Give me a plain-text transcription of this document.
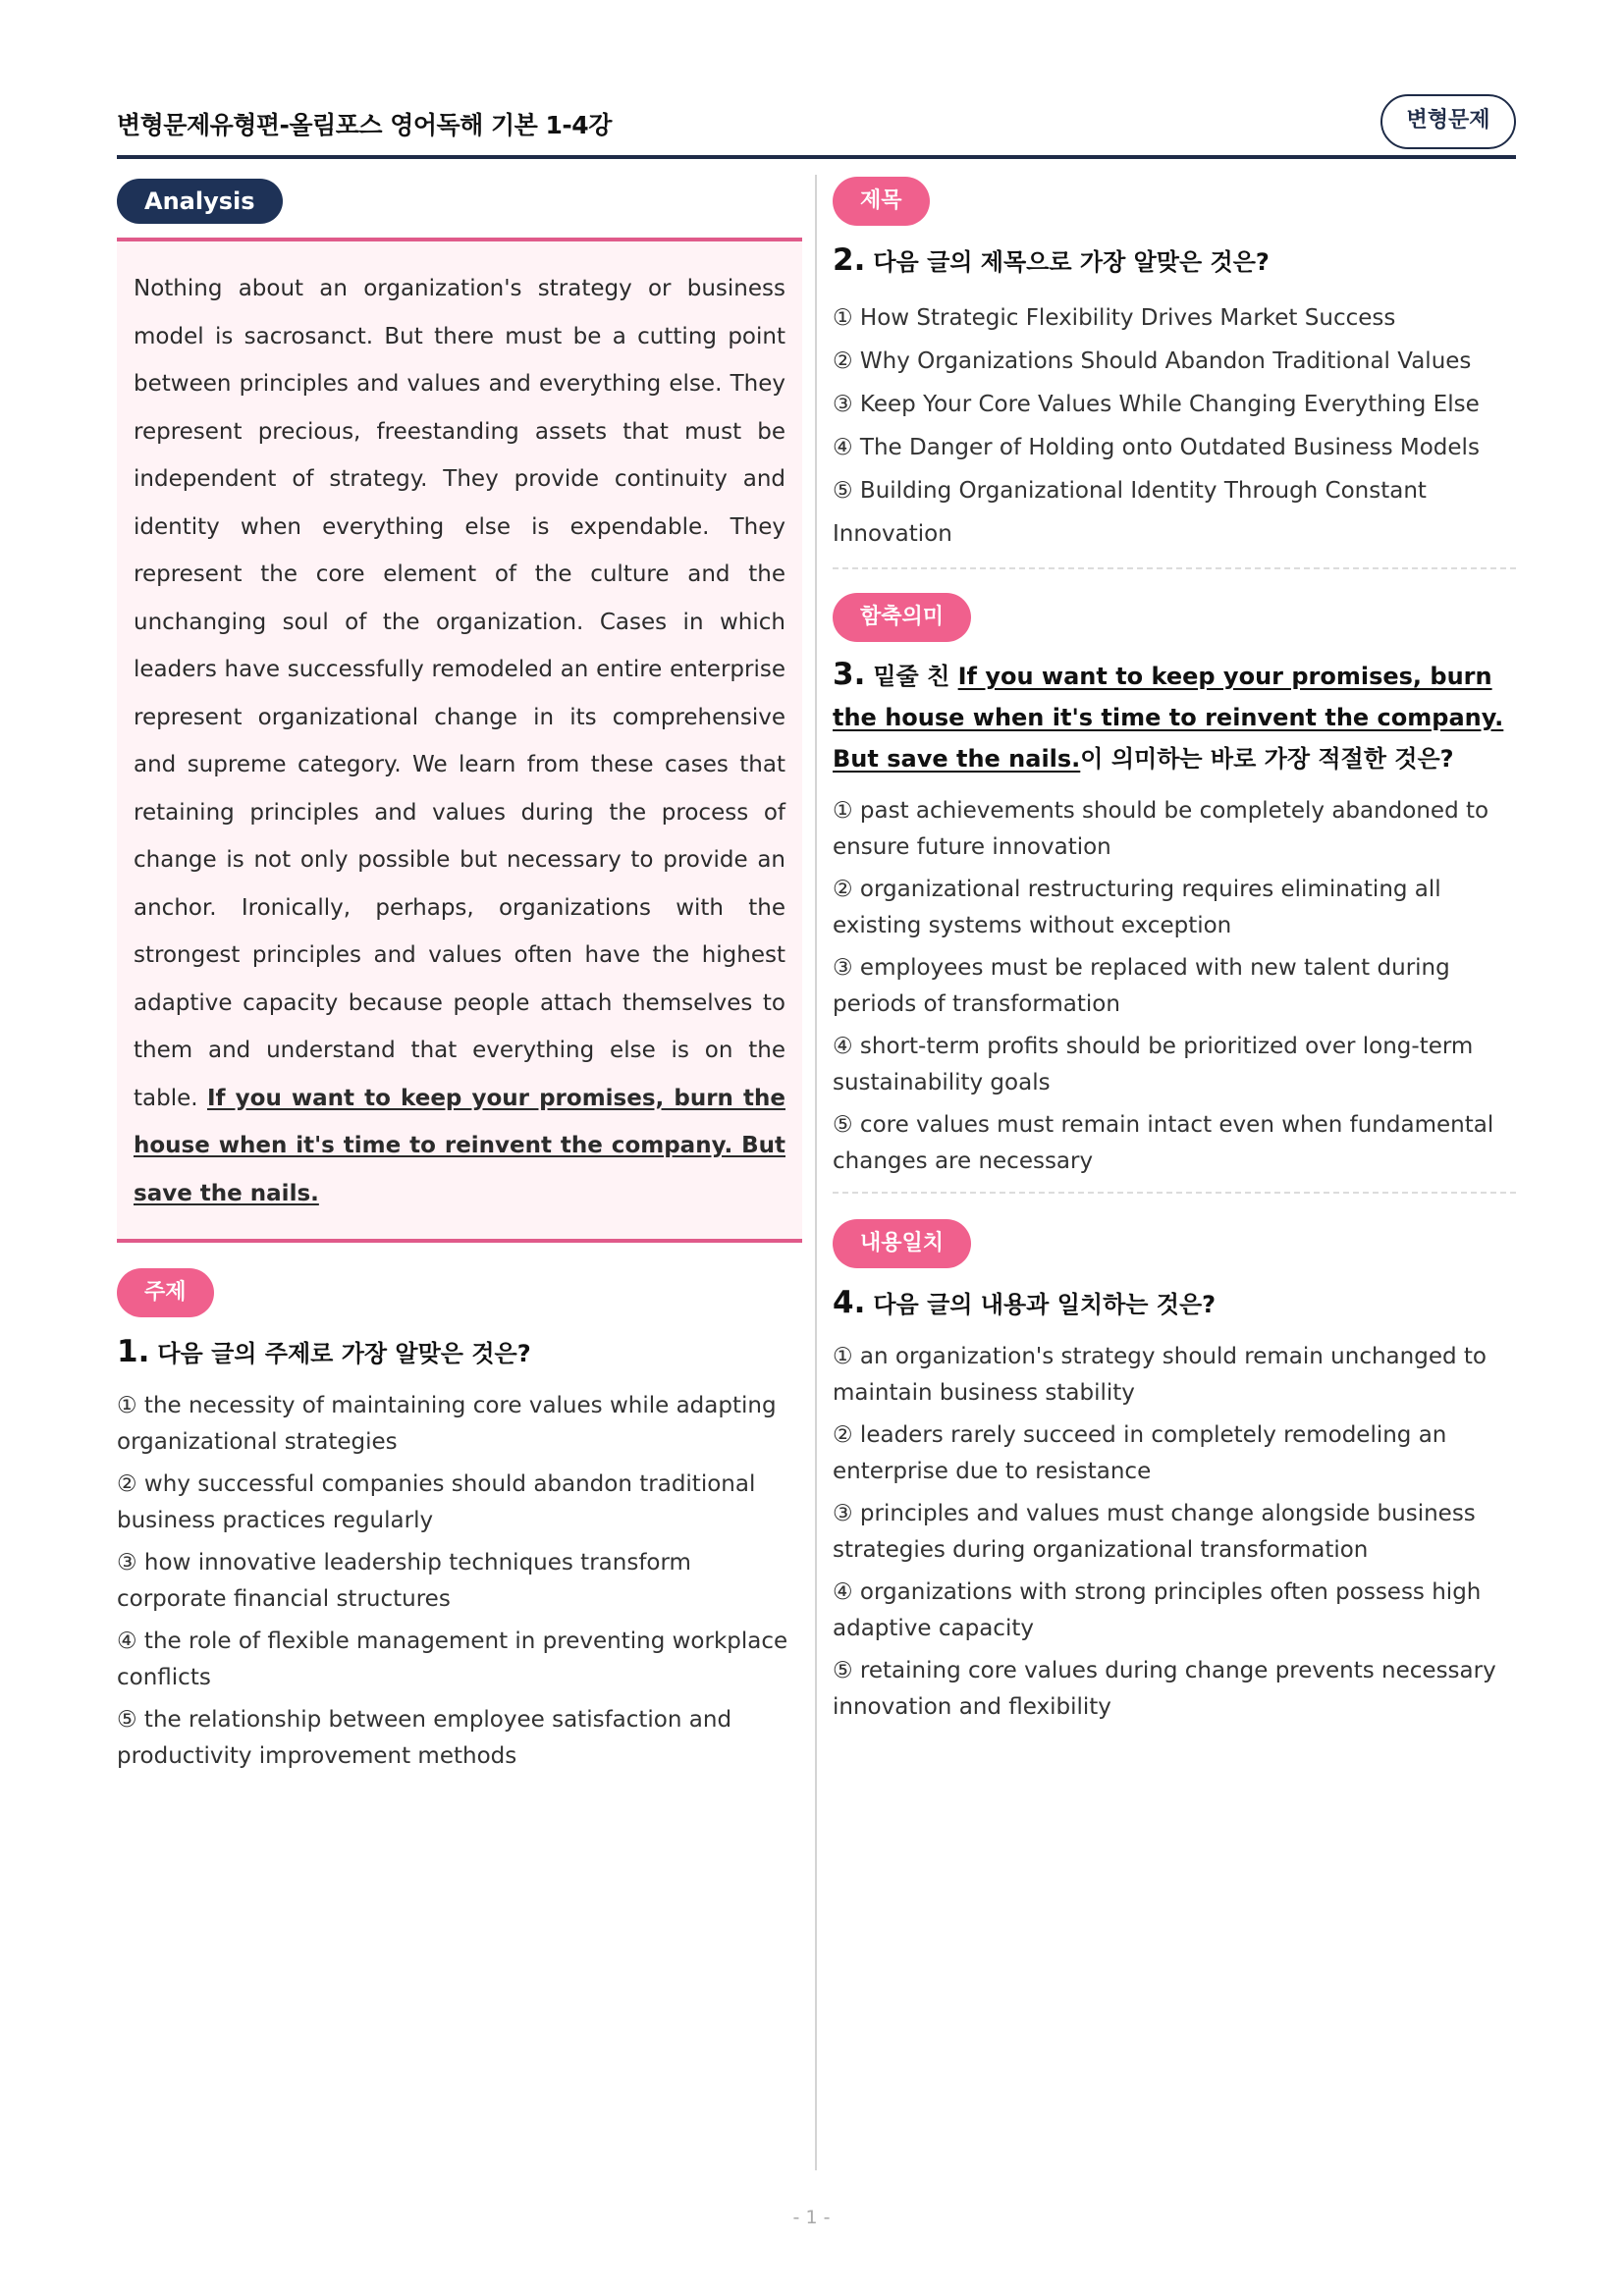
변형문제유형편-올림포스 영어독해 기본 1-4강	변형문제
Analysis
Nothing about an organization's strategy or business model is sacrosanct. But there must be a cutting point between principles and values and everything else. They represent precious, freestanding assets that must be independent of strategy. They provide continuity and identity when everything else is expendable. They represent the core element of the culture and the unchanging soul of the organization. Cases in which leaders have successfully remodeled an entire enterprise represent organizational change in its comprehensive and supreme category. We learn from these cases that retaining principles and values during the process of change is not only possible but necessary to provide an anchor. Ironically, perhaps, organizations with the strongest principles and values often have the highest adaptive capacity because people attach themselves to them and understand that everything else is on the table. If you want to keep your promises, burn the house when it's time to reinvent the company. But save the nails.
주제
1. 다음 글의 주제로 가장 알맞은 것은?
① the necessity of maintaining core values while adapting organizational strategies
② why successful companies should abandon traditional business practices regularly
③ how innovative leadership techniques transform corporate financial structures
④ the role of flexible management in preventing workplace conflicts
⑤ the relationship between employee satisfaction and productivity improvement methods
제목
2. 다음 글의 제목으로 가장 알맞은 것은?
① How Strategic Flexibility Drives Market Success
② Why Organizations Should Abandon Traditional Values
③ Keep Your Core Values While Changing Everything Else
④ The Danger of Holding onto Outdated Business Models
⑤ Building Organizational Identity Through Constant Innovation
함축의미
3. 밑줄 친 If you want to keep your promises, burn the house when it's time to reinvent the company. But save the nails.이 의미하는 바로 가장 적절한 것은?
① past achievements should be completely abandoned to ensure future innovation
② organizational restructuring requires eliminating all existing systems without exception
③ employees must be replaced with new talent during periods of transformation
④ short-term profits should be prioritized over long-term sustainability goals
⑤ core values must remain intact even when fundamental changes are necessary
내용일치
4. 다음 글의 내용과 일치하는 것은?
① an organization's strategy should remain unchanged to maintain business stability
② leaders rarely succeed in completely remodeling an enterprise due to resistance
③ principles and values must change alongside business strategies during organizational transformation
④ organizations with strong principles often possess high adaptive capacity
⑤ retaining core values during change prevents necessary innovation and flexibility
- 1 -
